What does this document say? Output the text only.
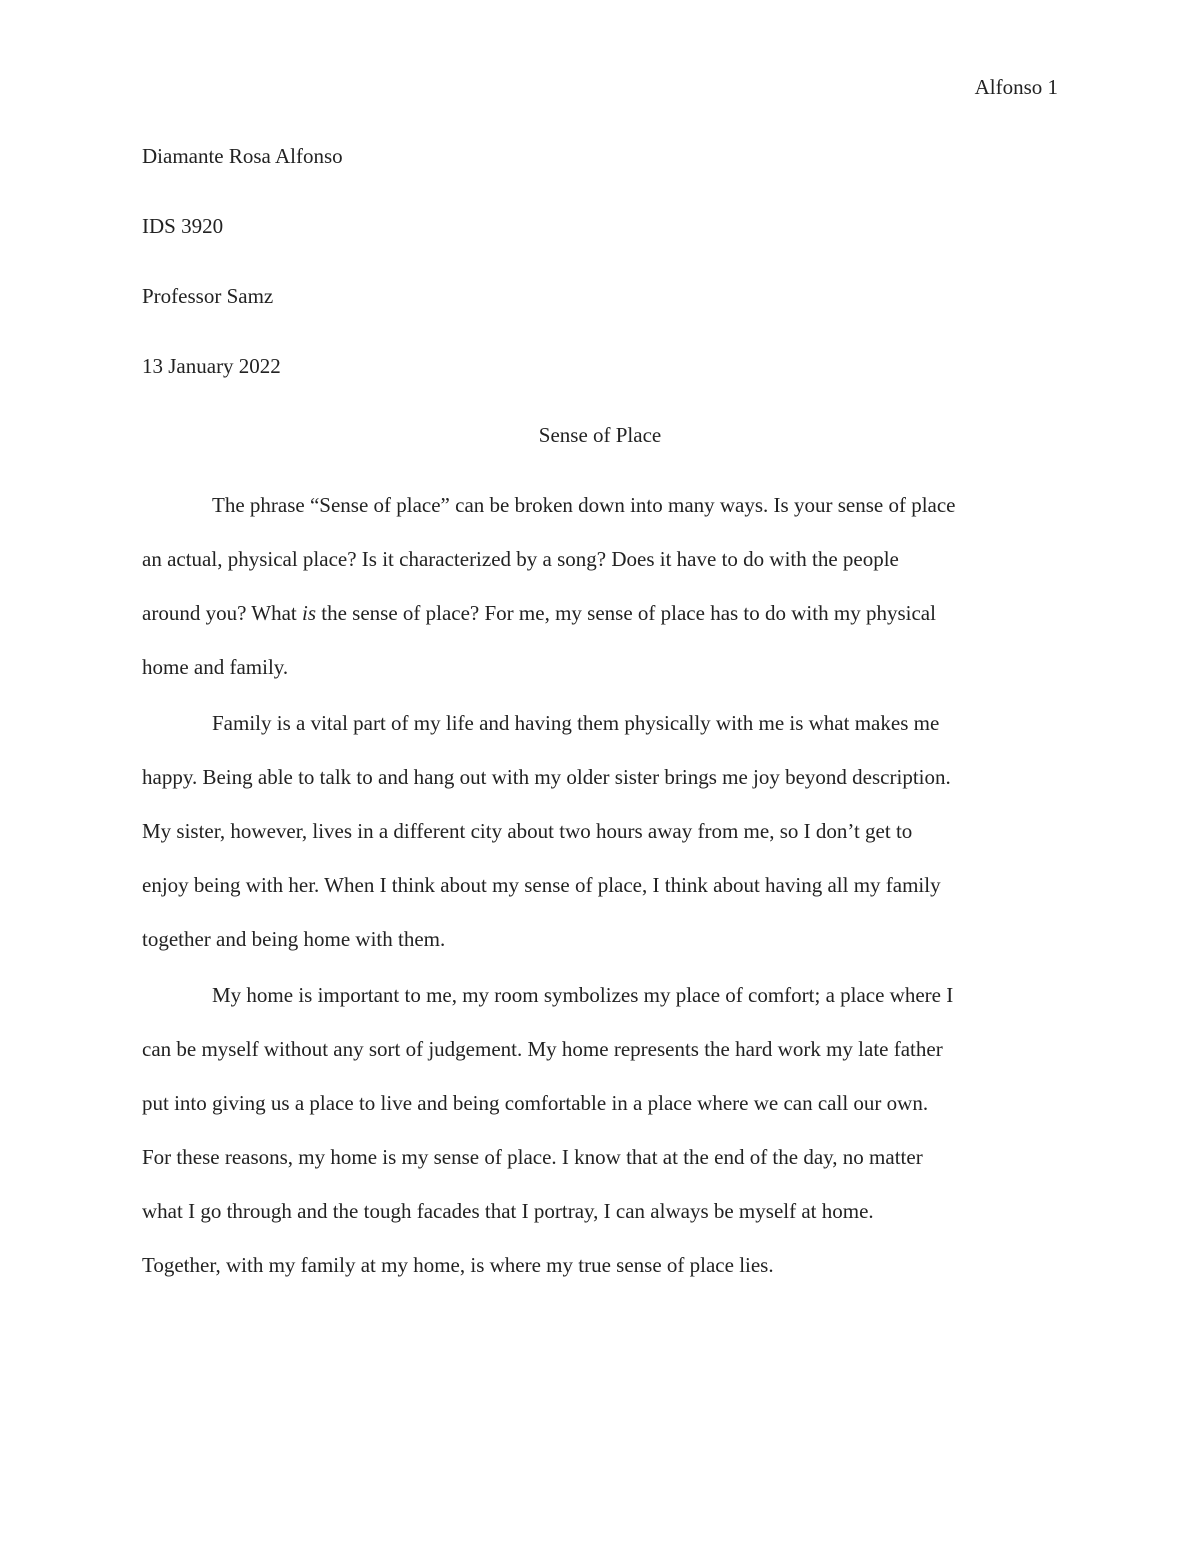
Alfonso 1

Diamante Rosa Alfonso

IDS 3920

Professor Samz

13 January 2022

Sense of Place

The phrase “Sense of place” can be broken down into many ways. Is your sense of place
an actual, physical place? Is it characterized by a song? Does it have to do with the people
around you? What is the sense of place? For me, my sense of place has to do with my physical
home and family.
Family is a vital part of my life and having them physically with me is what makes me
happy. Being able to talk to and hang out with my older sister brings me joy beyond description.
My sister, however, lives in a different city about two hours away from me, so I don’t get to
enjoy being with her. When I think about my sense of place, I think about having all my family
together and being home with them.
My home is important to me, my room symbolizes my place of comfort; a place where I
can be myself without any sort of judgement. My home represents the hard work my late father
put into giving us a place to live and being comfortable in a place where we can call our own.
For these reasons, my home is my sense of place. I know that at the end of the day, no matter
what I go through and the tough facades that I portray, I can always be myself at home.
Together, with my family at my home, is where my true sense of place lies.
